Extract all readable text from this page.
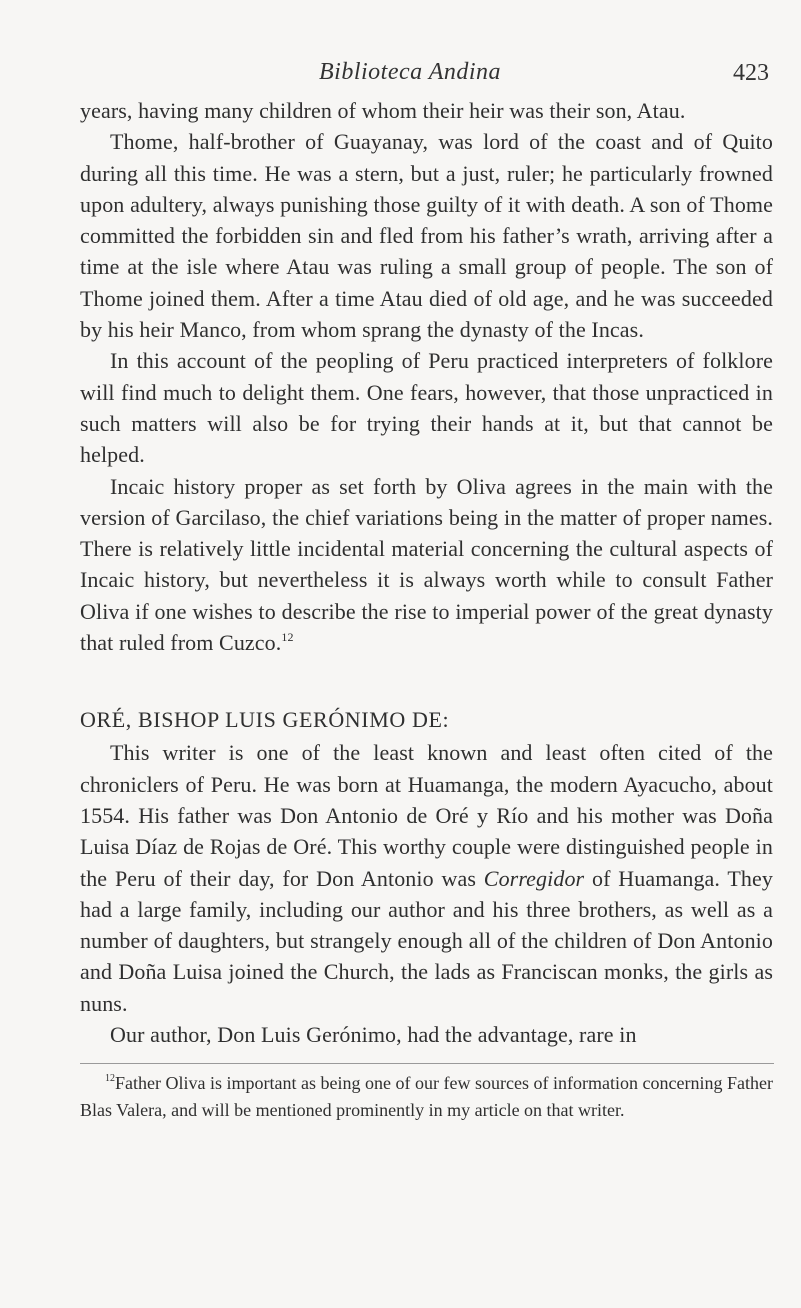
Biblioteca Andina	423

years, having many children of whom their heir was their son, Atau.

Thome, half-brother of Guayanay, was lord of the coast and of Quito during all this time. He was a stern, but a just, ruler; he particularly frowned upon adultery, always punishing those guilty of it with death. A son of Thome committed the forbidden sin and fled from his father’s wrath, arriving after a time at the isle where Atau was ruling a small group of people. The son of Thome joined them. After a time Atau died of old age, and he was succeeded by his heir Manco, from whom sprang the dynasty of the Incas.

In this account of the peopling of Peru practiced interpreters of folklore will find much to delight them. One fears, however, that those unpracticed in such matters will also be for trying their hands at it, but that cannot be helped.

Incaic history proper as set forth by Oliva agrees in the main with the version of Garcilaso, the chief variations being in the matter of proper names. There is relatively little incidental material concerning the cultural aspects of Incaic history, but nevertheless it is always worth while to consult Father Oliva if one wishes to describe the rise to imperial power of the great dynasty that ruled from Cuzco.$^{12}$

ORÉ, BISHOP LUIS GERÓNIMO DE:

This writer is one of the least known and least often cited of the chroniclers of Peru. He was born at Huamanga, the modern Ayacucho, about 1554. His father was Don Antonio de Oré y Río and his mother was Doña Luisa Díaz de Rojas de Oré. This worthy couple were distinguished people in the Peru of their day, for Don Antonio was Corregidor of Huamanga. They had a large family, including our author and his three brothers, as well as a number of daughters, but strangely enough all of the children of Don Antonio and Doña Luisa joined the Church, the lads as Franciscan monks, the girls as nuns.

Our author, Don Luis Gerónimo, had the advantage, rare in

$^{12}$Father Oliva is important as being one of our few sources of information concerning Father Blas Valera, and will be mentioned prominently in my article on that writer.
